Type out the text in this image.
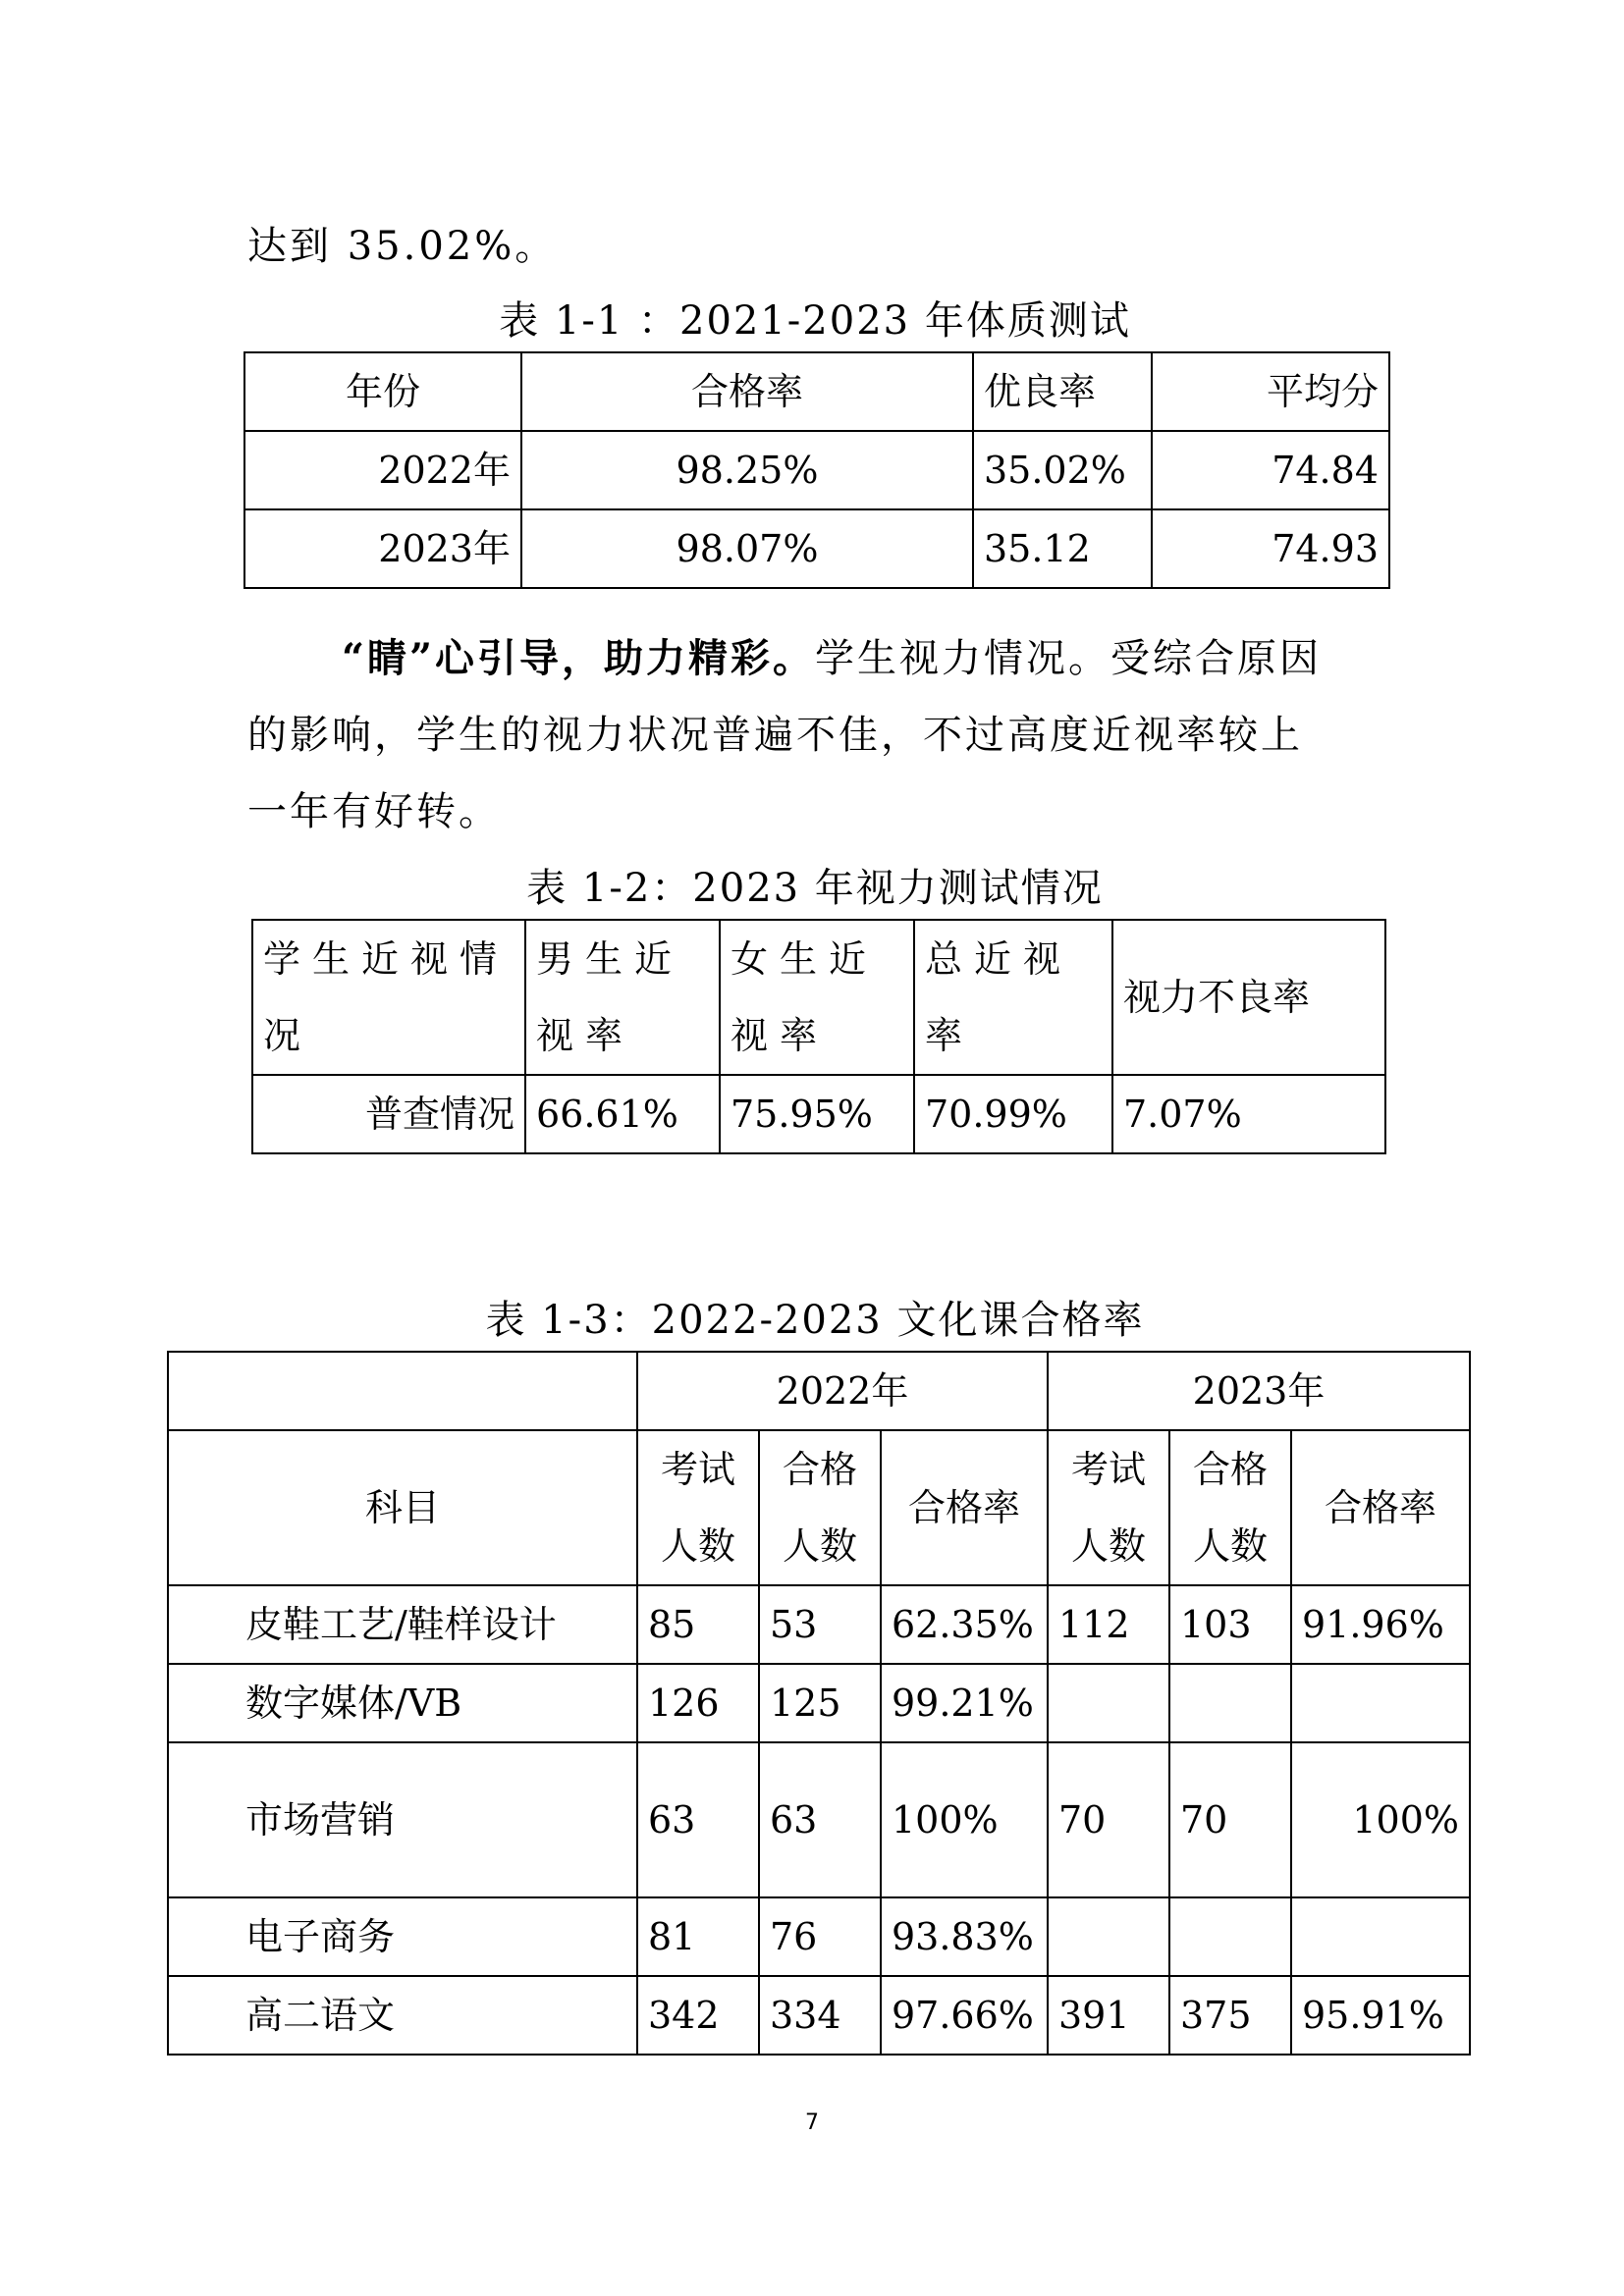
达到 35.02%。
表 1-1 ：2021-2023 年体质测试
年份	合格率	优良率	平均分
2022年	98.25%	35.02%	74.84
2023年	98.07%	35.12	74.93
“睛”心引导，助力精彩。学生视力情况。受综合原因
的影响，学生的视力状况普遍不佳，不过高度近视率较上
一年有好转。
表 1-2：2023 年视力测试情况
学生近视情况	男生近视率	女生近视率	总近视率	视力不良率
普查情况	66.61%	75.95%	70.99%	7.07%
表 1-3：2022-2023 文化课合格率
	2022年			2023年		
科目	考试人数	合格人数	合格率	考试人数	合格人数	合格率
皮鞋工艺/鞋样设计	85	53	62.35%	112	103	91.96%
数字媒体/VB	126	125	99.21%			
市场营销	63	63	100%	70	70	100%
电子商务	81	76	93.83%			
高二语文	342	334	97.66%	391	375	95.91%
7
